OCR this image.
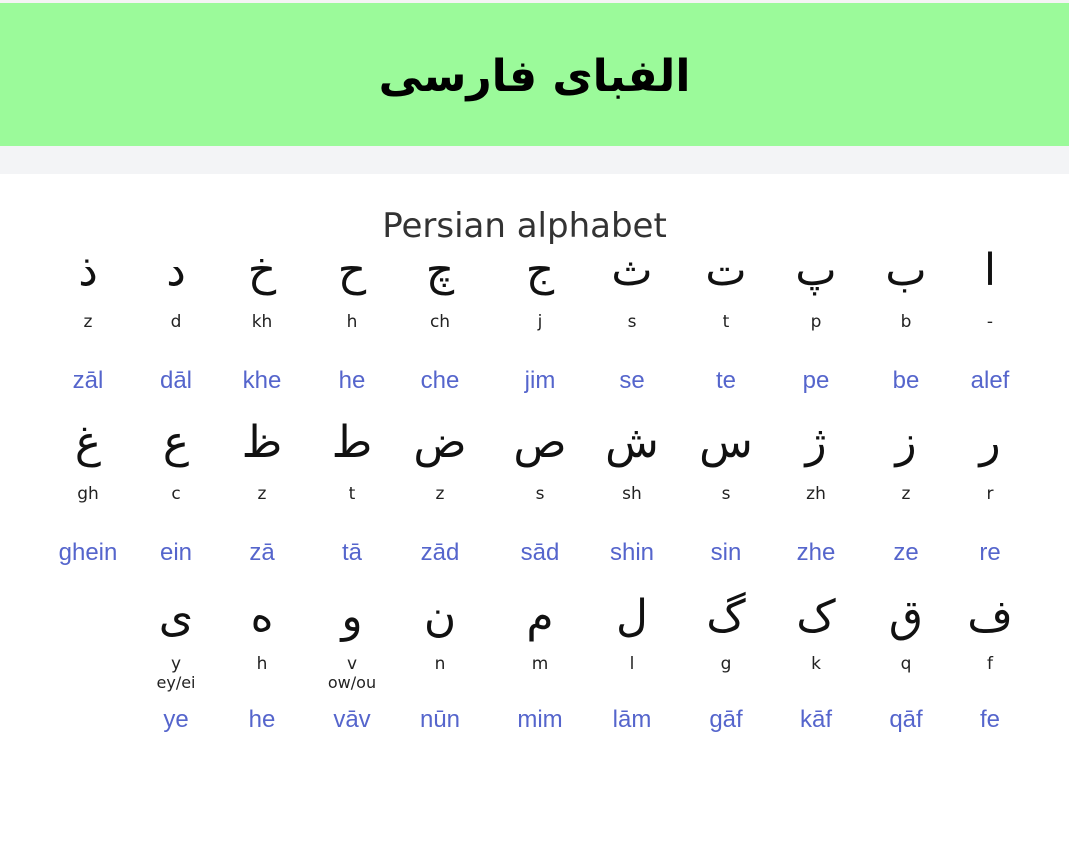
الفبای فارسی
Persian alphabet
ا
-
alef
ب
b
be
پ
p
pe
ت
t
te
ث
s
se
ج
j
jim
چ
ch
che
ح
h
he
خ
kh
khe
د
d
dāl
ذ
z
zāl
ر
r
re
ز
z
ze
ژ
zh
zhe
س
s
sin
ش
sh
shin
ص
s
sād
ض
z
zād
ط
t
tā
ظ
z
zā
ع
c
ein
غ
gh
ghein
ف
f
fe
ق
q
qāf
ک
k
kāf
گ
g
gāf
ل
l
lām
م
m
mim
ن
n
nūn
و
v
ow/ou
vāv
ه
h
he
ی
y
ey/ei
ye
